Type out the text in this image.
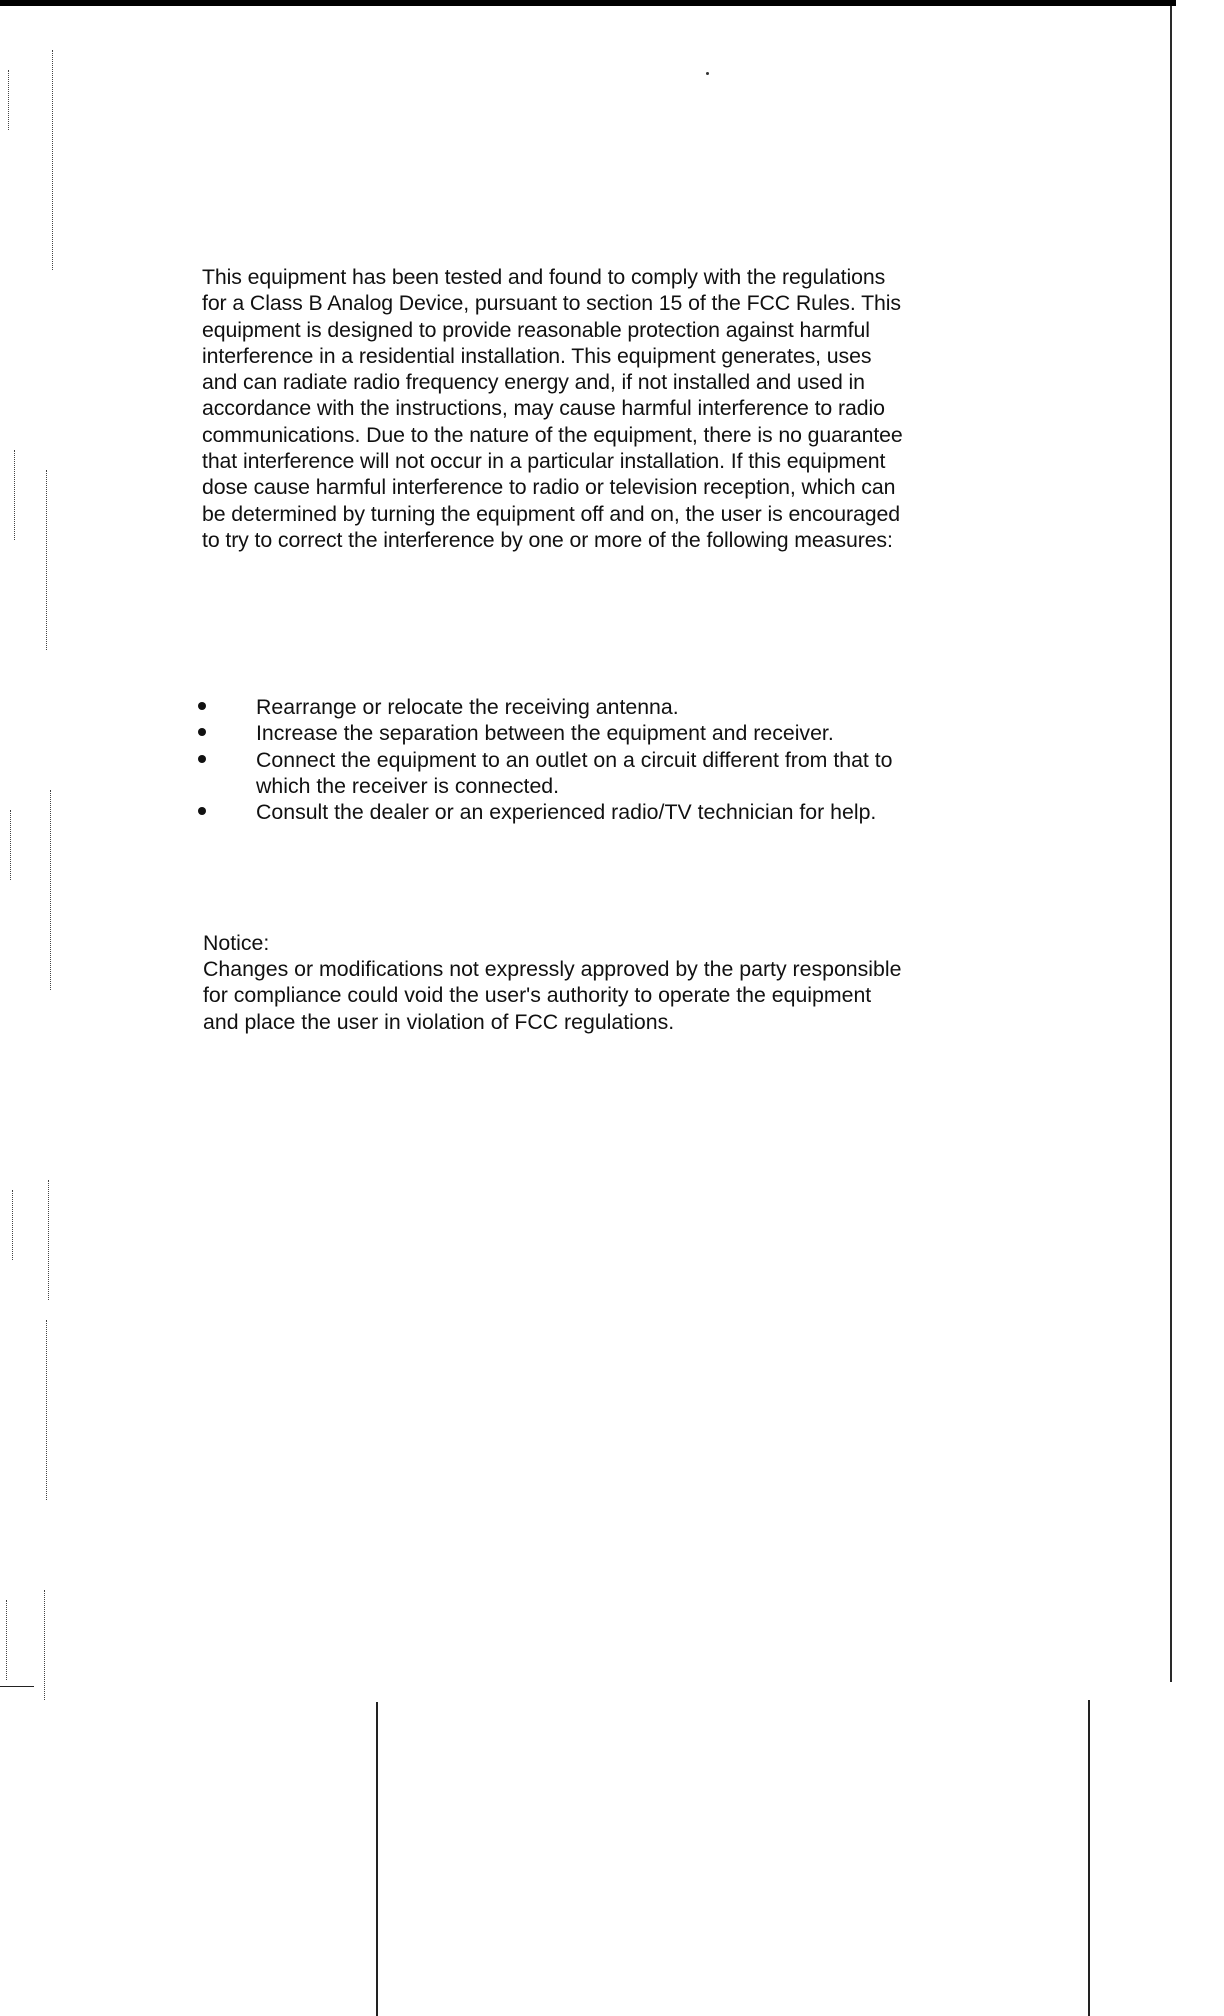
This equipment has been tested and found to comply with the regulations
for a Class B Analog Device, pursuant to section 15 of the FCC Rules. This
equipment is designed to provide reasonable protection against harmful
interference in a residential installation. This equipment generates, uses
and can radiate radio frequency energy and, if not installed and used in
accordance with the instructions, may cause harmful interference to radio
communications. Due to the nature of the equipment, there is no guarantee
that interference will not occur in a particular installation. If this equipment
dose cause harmful interference to radio or television reception, which can
be determined by turning the equipment off and on, the user is encouraged
to try to correct the interference by one or more of the following measures:

Rearrange or relocate the receiving antenna.
Increase the separation between the equipment and receiver.
Connect the equipment to an outlet on a circuit different from that to
which the receiver is connected.
Consult the dealer or an experienced radio/TV technician for help.

Notice:

Changes or modifications not expressly approved by the party responsible
for compliance could void the user's authority to operate the equipment
and place the user in violation of FCC regulations.
